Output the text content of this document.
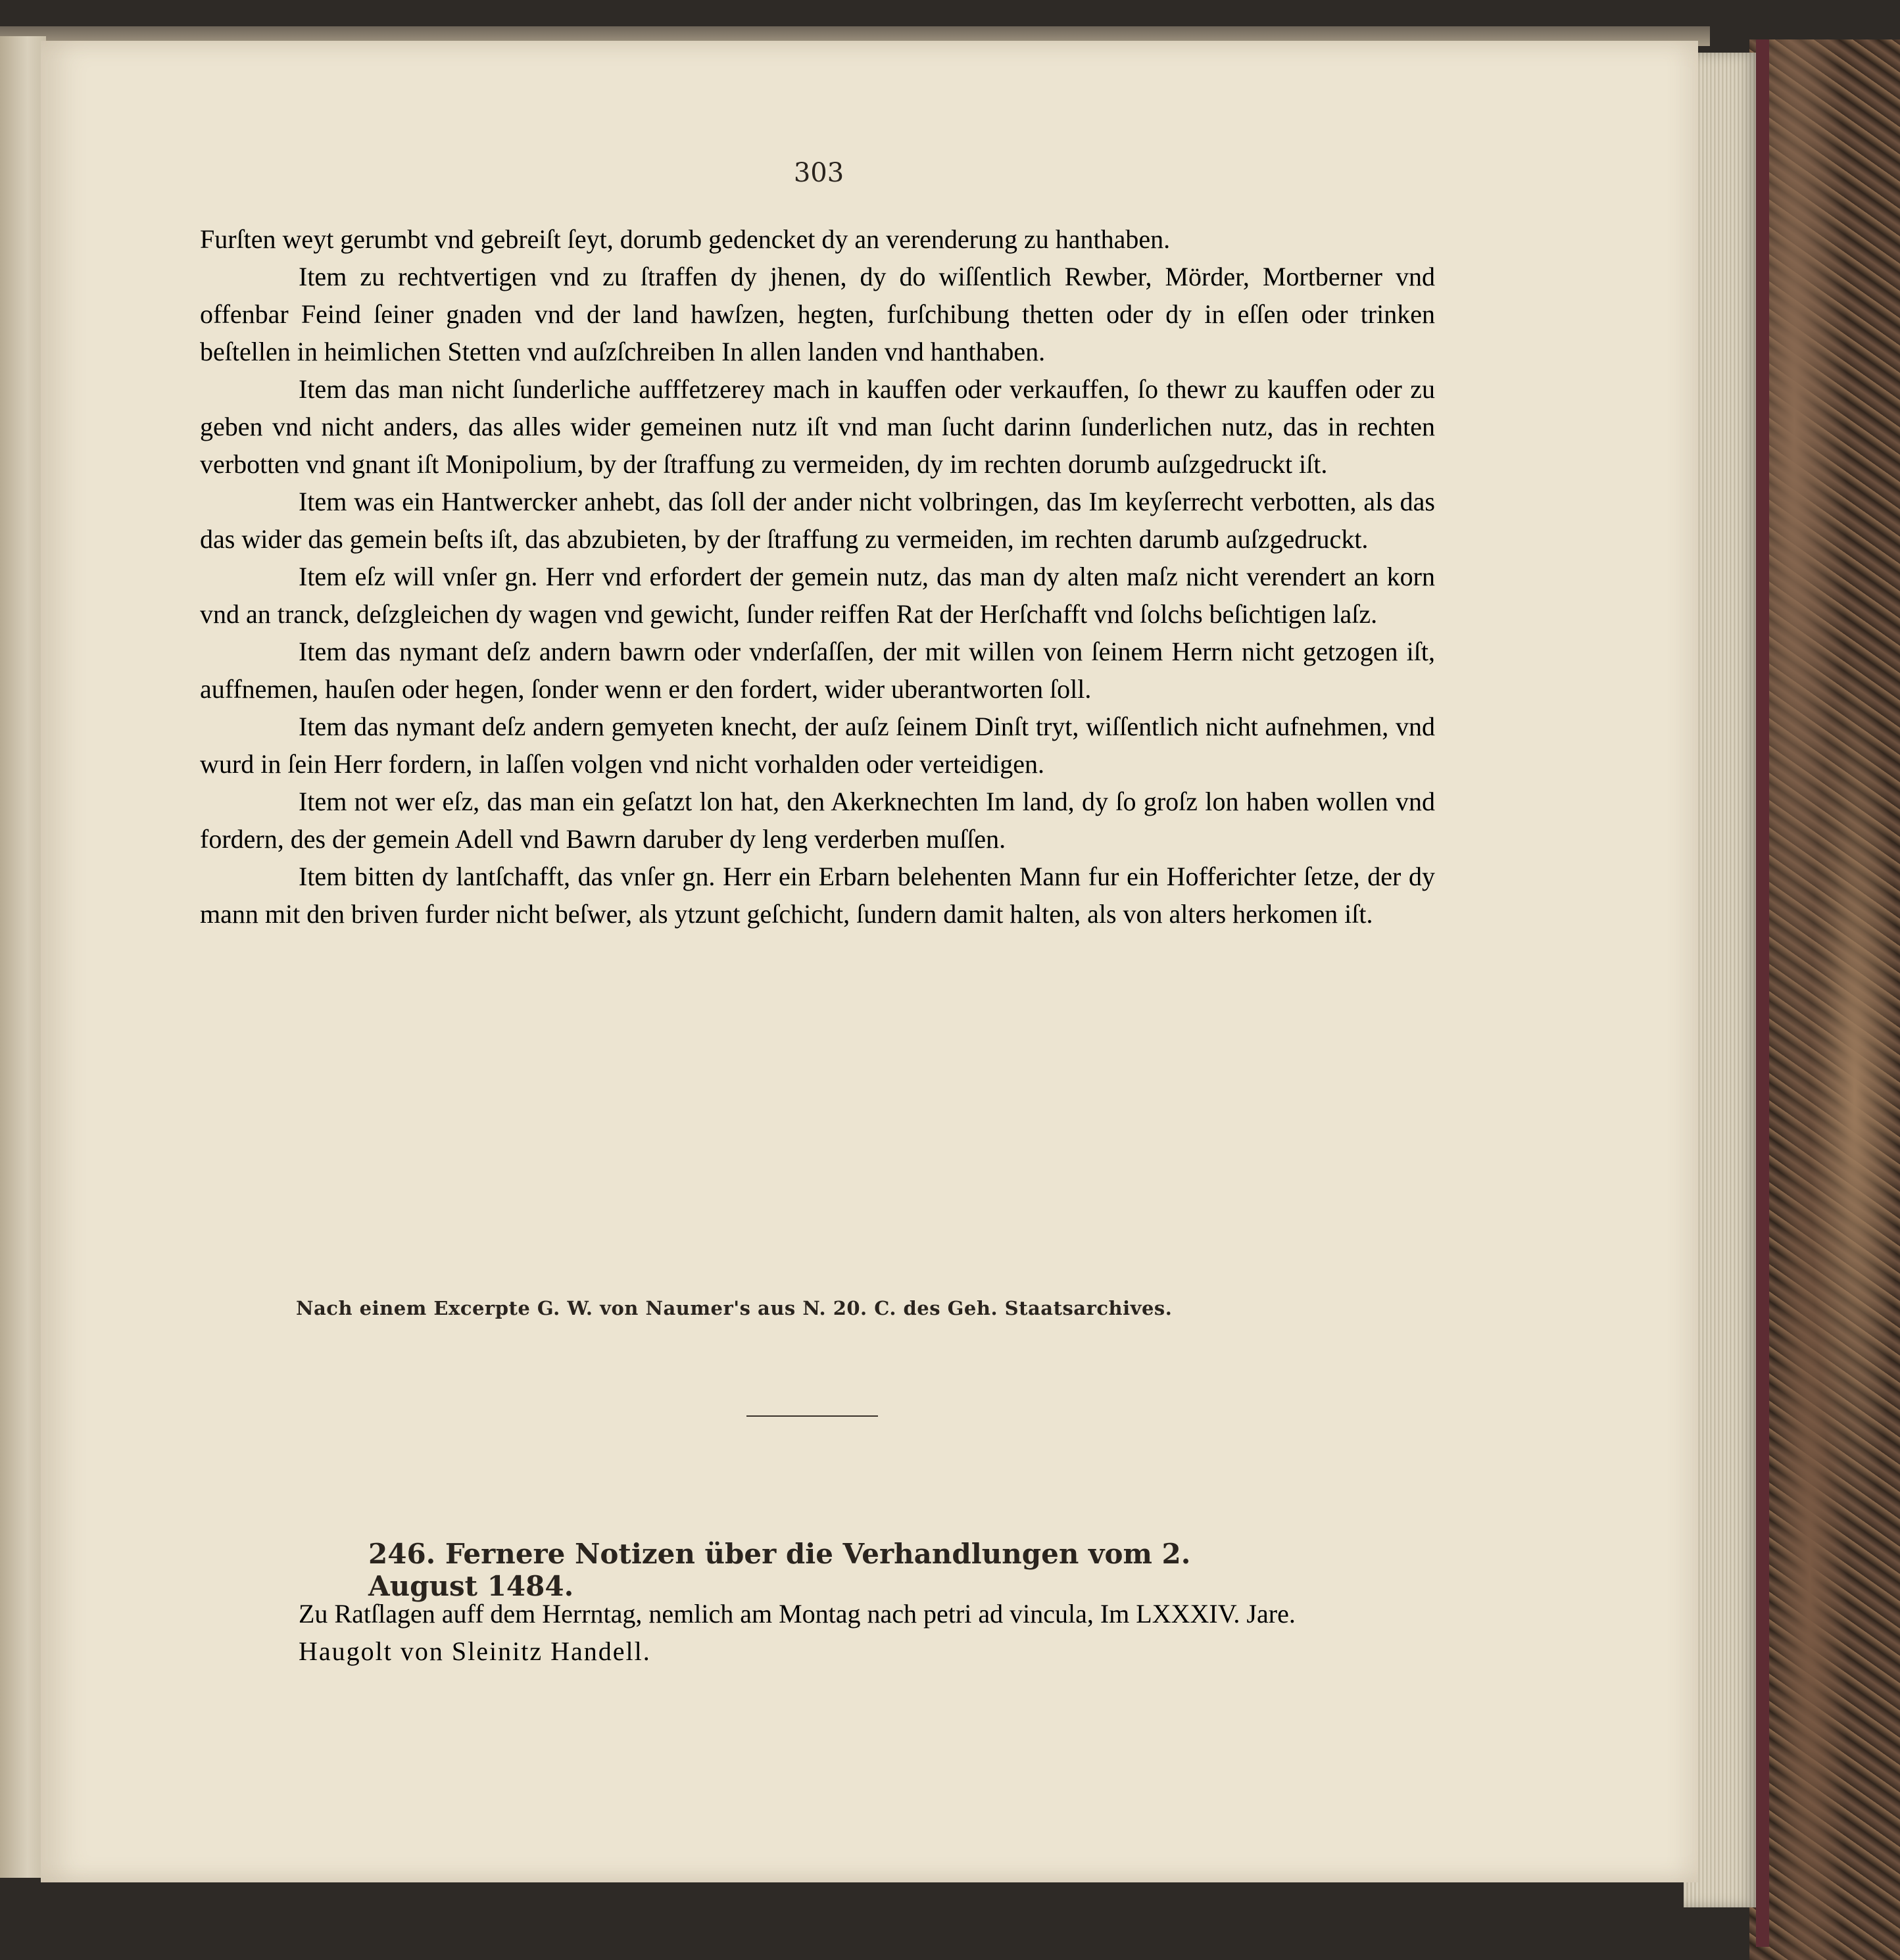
303

Furſten weyt gerumbt vnd gebreiſt ſeyt, dorumb gedencket dy an verenderung zu hanthaben.

Item zu rechtvertigen vnd zu ſtraffen dy jhenen, dy do wiſſentlich Rewber, Mörder, Mortberner vnd offenbar Feind ſeiner gnaden vnd der land hawſzen, hegten, furſchibung thetten oder dy in eſſen oder trinken beſtellen in heimlichen Stetten vnd auſzſchreiben In allen landen vnd hanthaben.

Item das man nicht ſunderliche aufffetzerey mach in kauffen oder verkauffen, ſo thewr zu kauffen oder zu geben vnd nicht anders, das alles wider gemeinen nutz iſt vnd man ſucht darinn ſunderlichen nutz, das in rechten verbotten vnd gnant iſt Monipolium, by der ſtraffung zu vermeiden, dy im rechten dorumb auſzgedruckt iſt.

Item was ein Hantwercker anhebt, das ſoll der ander nicht volbringen, das Im keyſerrecht verbotten, als das das wider das gemein beſts iſt, das abzubieten, by der ſtraffung zu vermeiden, im rechten darumb auſzgedruckt.

Item eſz will vnſer gn. Herr vnd erfordert der gemein nutz, das man dy alten maſz nicht verendert an korn vnd an tranck, deſzgleichen dy wagen vnd gewicht, ſunder reiffen Rat der Herſchafft vnd ſolchs beſichtigen laſz.

Item das nymant deſz andern bawrn oder vnderſaſſen, der mit willen von ſeinem Herrn nicht getzogen iſt, auffnemen, hauſen oder hegen, ſonder wenn er den fordert, wider uberantworten ſoll.

Item das nymant deſz andern gemyeten knecht, der auſz ſeinem Dinſt tryt, wiſſentlich nicht aufnehmen, vnd wurd in ſein Herr fordern, in laſſen volgen vnd nicht vorhalden oder verteidigen.

Item not wer eſz, das man ein geſatzt lon hat, den Akerknechten Im land, dy ſo groſz lon haben wollen vnd fordern, des der gemein Adell vnd Bawrn daruber dy leng verderben muſſen.

Item bitten dy lantſchafft, das vnſer gn. Herr ein Erbarn belehenten Mann fur ein Hofferichter ſetze, der dy mann mit den briven furder nicht beſwer, als ytzunt geſchicht, ſundern damit halten, als von alters herkomen iſt.

Nach einem Excerpte G. W. von Naumer's aus N. 20. C. des Geh. Staatsarchives.
246. Fernere Notizen über die Verhandlungen vom 2. August 1484.

Zu Ratſlagen auff dem Herrntag, nemlich am Montag nach petri ad vincula, Im LXXXIV. Jare.

Haugolt von Sleinitz Handell.
